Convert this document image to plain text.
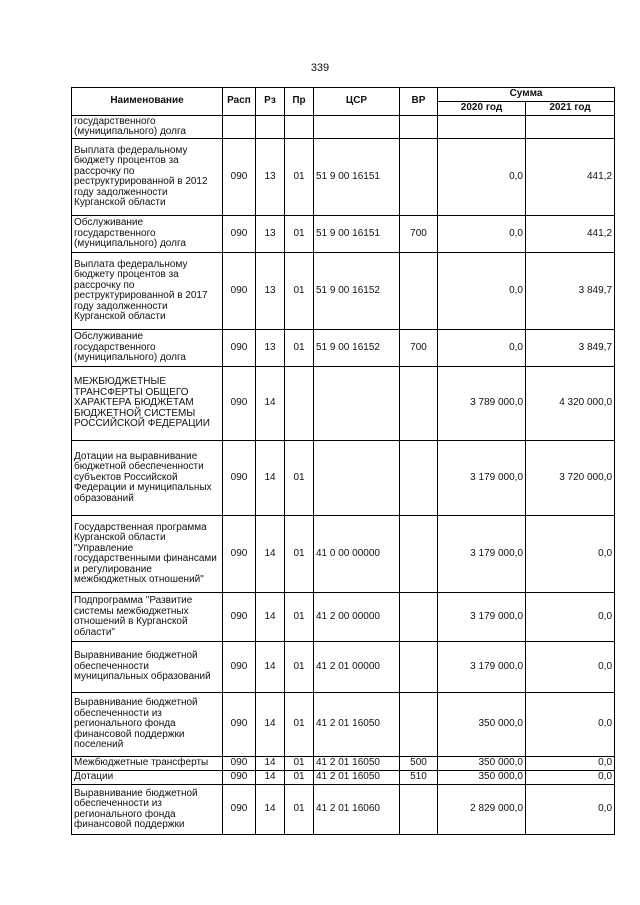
339
Наименование	Расп	Рз	Пр	ЦСР	ВР	Сумма	
						2020 год	2021 год
государственного (муниципального) долга							
Выплата федеральному бюджету процентов за рассрочку по реструктурированной в 2012 году задолженности Курганской области	090	13	01	51 9 00 16151		0,0	441,2
Обслуживание государственного (муниципального) долга	090	13	01	51 9 00 16151	700	0,0	441,2
Выплата федеральному бюджету процентов за рассрочку по реструктурированной в 2017 году задолженности Курганской области	090	13	01	51 9 00 16152		0,0	3 849,7
Обслуживание государственного (муниципального) долга	090	13	01	51 9 00 16152	700	0,0	3 849,7
МЕЖБЮДЖЕТНЫЕ ТРАНСФЕРТЫ ОБЩЕГО ХАРАКТЕРА БЮДЖЕТАМ БЮДЖЕТНОЙ СИСТЕМЫ РОССИЙСКОЙ ФЕДЕРАЦИИ	090	14				3 789 000,0	4 320 000,0
Дотации на выравнивание бюджетной обеспеченности субъектов Российской Федерации и муниципальных образований	090	14	01			3 179 000,0	3 720 000,0
Государственная программа Курганской области "Управление государственными финансами и регулирование межбюджетных отношений"	090	14	01	41 0 00 00000		3 179 000,0	0,0
Подпрограмма "Развитие системы межбюджетных отношений в Курганской области"	090	14	01	41 2 00 00000		3 179 000,0	0,0
Выравнивание бюджетной обеспеченности муниципальных образований	090	14	01	41 2 01 00000		3 179 000,0	0,0
Выравнивание бюджетной обеспеченности из регионального фонда финансовой поддержки поселений	090	14	01	41 2 01 16050		350 000,0	0,0
Межбюджетные трансферты	090	14	01	41 2 01 16050	500	350 000,0	0,0
Дотации	090	14	01	41 2 01 16050	510	350 000,0	0,0
Выравнивание бюджетной обеспеченности из регионального фонда финансовой поддержки	090	14	01	41 2 01 16060		2 829 000,0	0,0
